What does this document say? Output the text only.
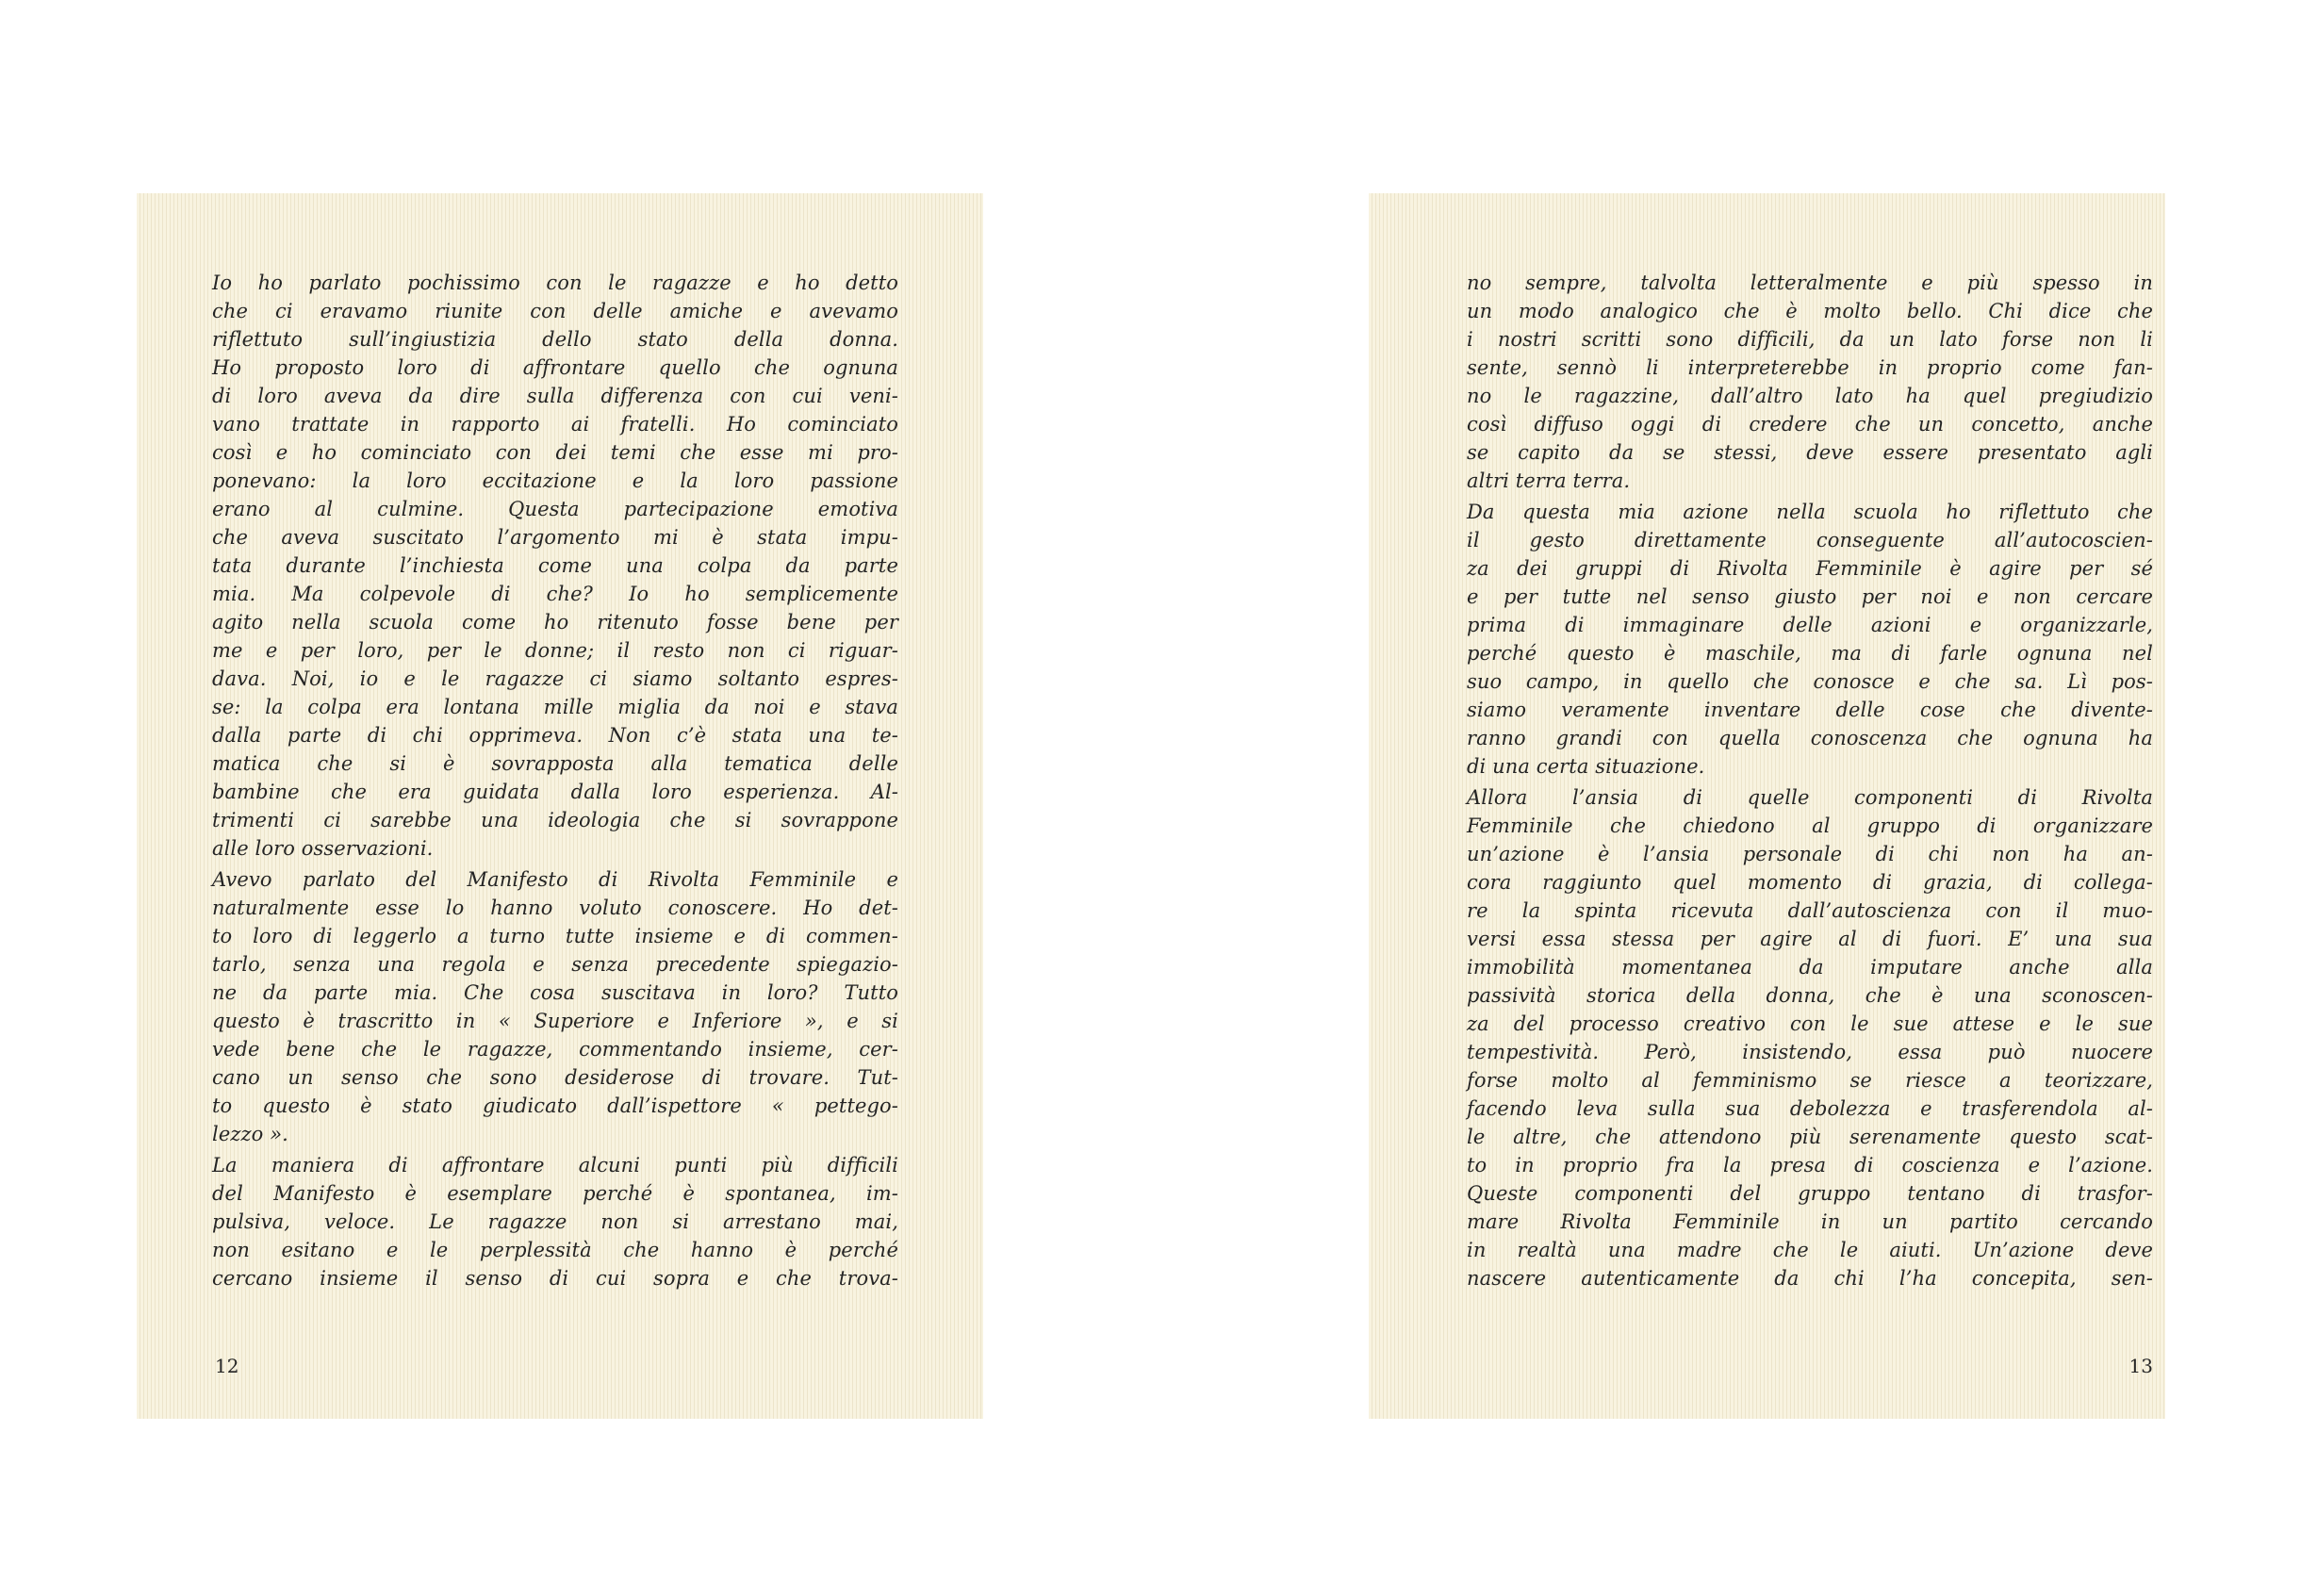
Io ho parlato pochissimo con le ragazze e ho detto
che ci eravamo riunite con delle amiche e avevamo
riflettuto sull’ingiustizia dello stato della donna.
Ho proposto loro di affrontare quello che ognuna
di loro aveva da dire sulla differenza con cui veni-
vano trattate in rapporto ai fratelli. Ho cominciato
così e ho cominciato con dei temi che esse mi pro-
ponevano: la loro eccitazione e la loro passione
erano al culmine. Questa partecipazione emotiva
che aveva suscitato l’argomento mi è stata impu-
tata durante l’inchiesta come una colpa da parte
mia. Ma colpevole di che? Io ho semplicemente
agito nella scuola come ho ritenuto fosse bene per
me e per loro, per le donne; il resto non ci riguar-
dava. Noi, io e le ragazze ci siamo soltanto espres-
se: la colpa era lontana mille miglia da noi e stava
dalla parte di chi opprimeva. Non c’è stata una te-
matica che si è sovrapposta alla tematica delle
bambine che era guidata dalla loro esperienza. Al-
trimenti ci sarebbe una ideologia che si sovrappone
alle loro osservazioni.
Avevo parlato del Manifesto di Rivolta Femminile e
naturalmente esse lo hanno voluto conoscere. Ho det-
to loro di leggerlo a turno tutte insieme e di commen-
tarlo, senza una regola e senza precedente spiegazio-
ne da parte mia. Che cosa suscitava in loro? Tutto
questo è trascritto in « Superiore e Inferiore », e si
vede bene che le ragazze, commentando insieme, cer-
cano un senso che sono desiderose di trovare. Tut-
to questo è stato giudicato dall’ispettore « pettego-
lezzo ».
La maniera di affrontare alcuni punti più difficili
del Manifesto è esemplare perché è spontanea, im-
pulsiva, veloce. Le ragazze non si arrestano mai,
non esitano e le perplessità che hanno è perché
cercano insieme il senso di cui sopra e che trova-
12
no sempre, talvolta letteralmente e più spesso in
un modo analogico che è molto bello. Chi dice che
i nostri scritti sono difficili, da un lato forse non li
sente, sennò li interpreterebbe in proprio come fan-
no le ragazzine, dall’altro lato ha quel pregiudizio
così diffuso oggi di credere che un concetto, anche
se capito da se stessi, deve essere presentato agli
altri terra terra.
Da questa mia azione nella scuola ho riflettuto che
il gesto direttamente conseguente all’autocoscien-
za dei gruppi di Rivolta Femminile è agire per sé
e per tutte nel senso giusto per noi e non cercare
prima di immaginare delle azioni e organizzarle,
perché questo è maschile, ma di farle ognuna nel
suo campo, in quello che conosce e che sa. Lì pos-
siamo veramente inventare delle cose che divente-
ranno grandi con quella conoscenza che ognuna ha
di una certa situazione.
Allora l’ansia di quelle componenti di Rivolta
Femminile che chiedono al gruppo di organizzare
un’azione è l’ansia personale di chi non ha an-
cora raggiunto quel momento di grazia, di collega-
re la spinta ricevuta dall’autoscienza con il muo-
versi essa stessa per agire al di fuori. E’ una sua
immobilità momentanea da imputare anche alla
passività storica della donna, che è una sconoscen-
za del processo creativo con le sue attese e le sue
tempestività. Però, insistendo, essa può nuocere
forse molto al femminismo se riesce a teorizzare,
facendo leva sulla sua debolezza e trasferendola al-
le altre, che attendono più serenamente questo scat-
to in proprio fra la presa di coscienza e l’azione.
Queste componenti del gruppo tentano di trasfor-
mare Rivolta Femminile in un partito cercando
in realtà una madre che le aiuti. Un’azione deve
nascere autenticamente da chi l’ha concepita, sen-
13
